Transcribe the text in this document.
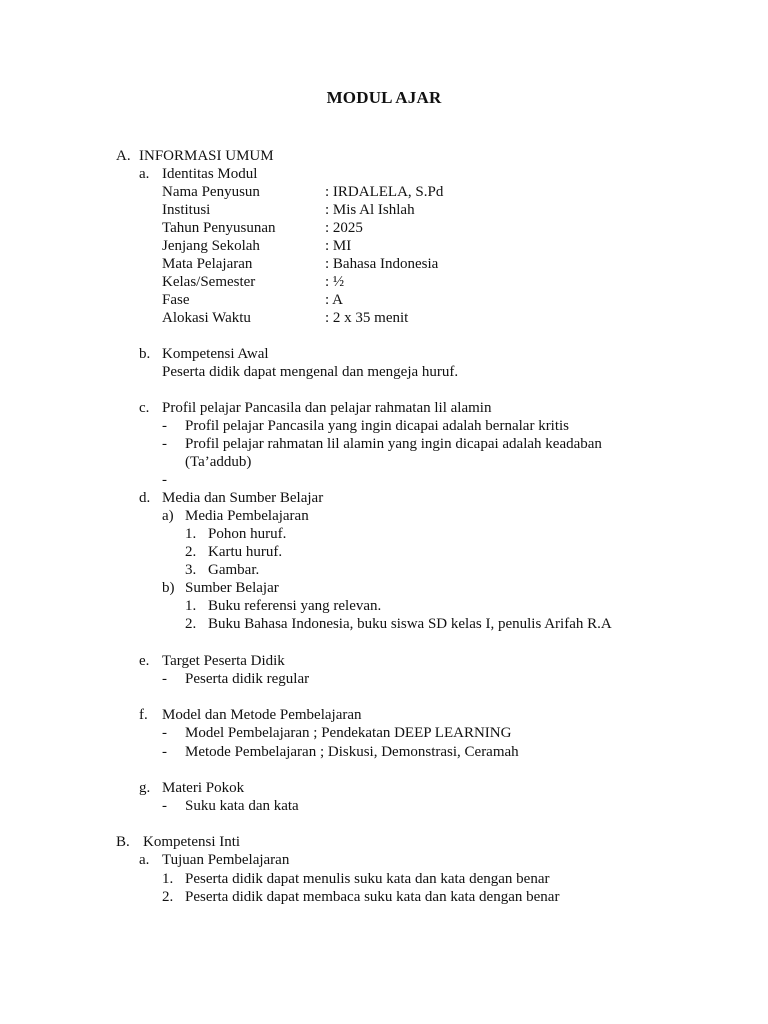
MODUL AJAR
A. INFORMASI UMUM
a. Identitas Modul
Nama Penyusun	: IRDALELA, S.Pd
Institusi	: Mis Al Ishlah
Tahun Penyusunan	: 2025
Jenjang Sekolah	: MI
Mata Pelajaran	: Bahasa Indonesia
Kelas/Semester	: ½
Fase	: A
Alokasi Waktu	: 2 x 35 menit
b. Kompetensi Awal
Peserta didik dapat mengenal dan mengeja huruf.
c. Profil pelajar Pancasila dan pelajar rahmatan lil alamin
- Profil pelajar Pancasila yang ingin dicapai adalah bernalar kritis
- Profil pelajar rahmatan lil alamin yang ingin dicapai adalah keadaban
(Ta’addub)
-
d. Media dan Sumber Belajar
a) Media Pembelajaran
1. Pohon huruf.
2. Kartu huruf.
3. Gambar.
b) Sumber Belajar
1. Buku referensi yang relevan.
2. Buku Bahasa Indonesia, buku siswa SD kelas I, penulis Arifah R.A
e. Target Peserta Didik
- Peserta didik regular
f. Model dan Metode Pembelajaran
- Model Pembelajaran ; Pendekatan DEEP LEARNING
- Metode Pembelajaran ; Diskusi, Demonstrasi, Ceramah
g. Materi Pokok
- Suku kata dan kata
B. Kompetensi Inti
a. Tujuan Pembelajaran
1. Peserta didik dapat menulis suku kata dan kata dengan benar
2. Peserta didik dapat membaca suku kata dan kata dengan benar
